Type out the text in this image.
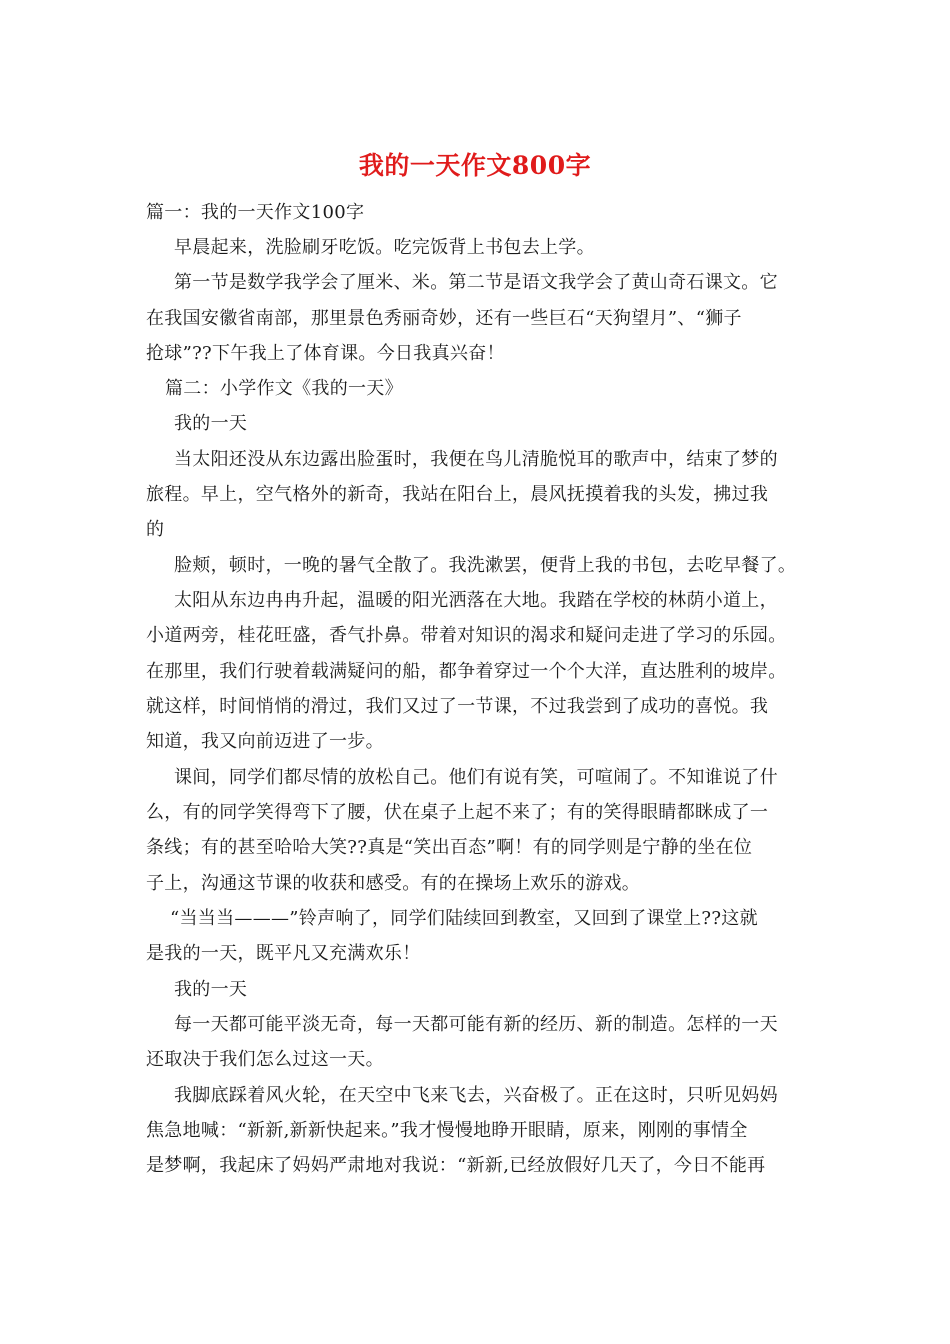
我的一天作文800字
篇一：我的一天作文100字
早晨起来，洗脸刷牙吃饭。吃完饭背上书包去上学。
第一节是数学我学会了厘米、米。第二节是语文我学会了黄山奇石课文。它
在我国安徽省南部，那里景色秀丽奇妙，还有一些巨石“天狗望月”、“狮子
抢球”??下午我上了体育课。今日我真兴奋！
篇二：小学作文《我的一天》
我的一天
当太阳还没从东边露出脸蛋时，我便在鸟儿清脆悦耳的歌声中，结束了梦的
旅程。早上，空气格外的新奇，我站在阳台上，晨风抚摸着我的头发，拂过我
的
脸颊，顿时，一晚的暑气全散了。我洗漱罢，便背上我的书包，去吃早餐了。
太阳从东边冉冉升起，温暖的阳光洒落在大地。我踏在学校的林荫小道上，
小道两旁，桂花旺盛，香气扑鼻。带着对知识的渴求和疑问走进了学习的乐园。
在那里，我们行驶着载满疑问的船，都争着穿过一个个大洋，直达胜利的坡岸。
就这样，时间悄悄的滑过，我们又过了一节课，不过我尝到了成功的喜悦。我
知道，我又向前迈进了一步。
课间，同学们都尽情的放松自己。他们有说有笑，可喧闹了。不知谁说了什
么，有的同学笑得弯下了腰，伏在桌子上起不来了；有的笑得眼睛都眯成了一
条线；有的甚至哈哈大笑??真是“笑出百态”啊！有的同学则是宁静的坐在位
子上，沟通这节课的收获和感受。有的在操场上欢乐的游戏。
“当当当———”铃声响了，同学们陆续回到教室，又回到了课堂上??这就
是我的一天，既平凡又充满欢乐！
我的一天
每一天都可能平淡无奇，每一天都可能有新的经历、新的制造。怎样的一天
还取决于我们怎么过这一天。
我脚底踩着风火轮，在天空中飞来飞去，兴奋极了。正在这时，只听见妈妈
焦急地喊：“新新,新新快起来。”我才慢慢地睁开眼睛，原来，刚刚的事情全
是梦啊，我起床了妈妈严肃地对我说：“新新,已经放假好几天了，今日不能再
